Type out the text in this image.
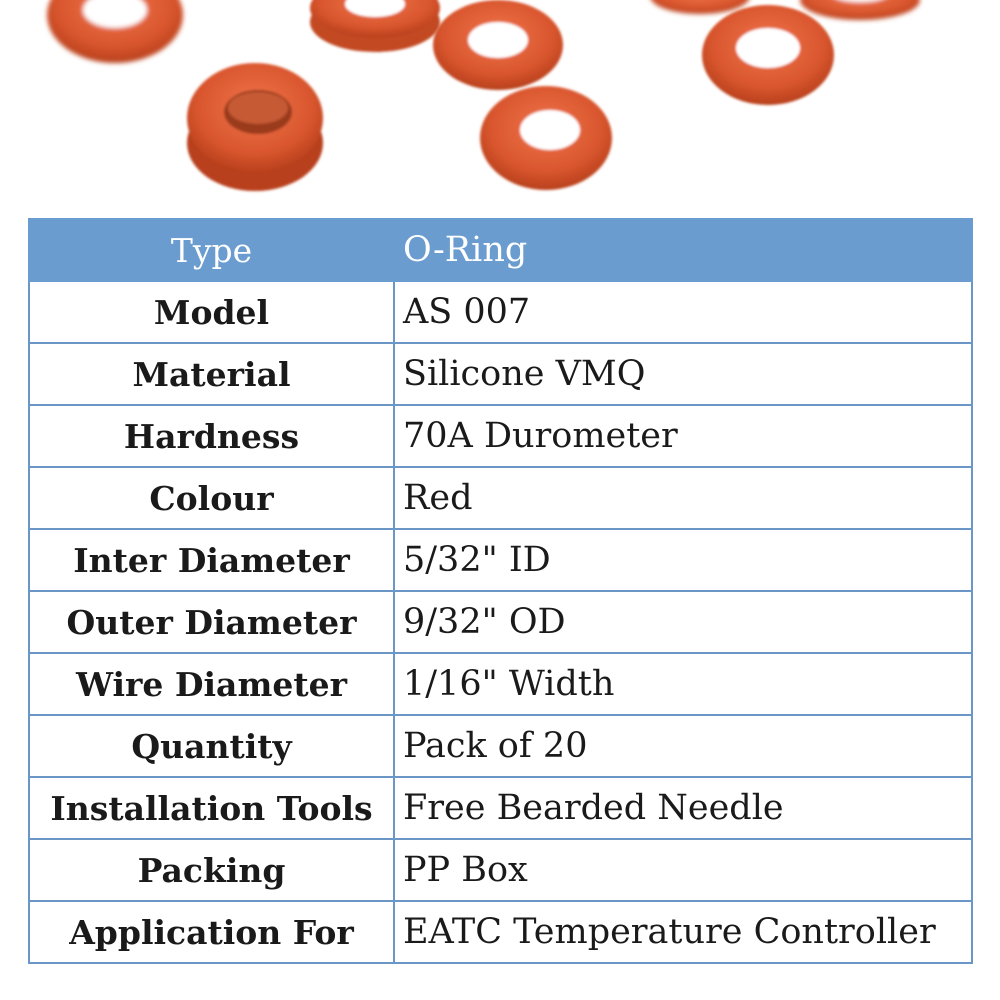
Type	O-Ring
Model	AS 007
Material	Silicone VMQ
Hardness	70A Durometer
Colour	Red
Inter Diameter	5/32" ID
Outer Diameter	9/32" OD
Wire Diameter	1/16" Width
Quantity	Pack of 20
Installation Tools	Free Bearded Needle
Packing	PP Box
Application For	EATC Temperature Controller
